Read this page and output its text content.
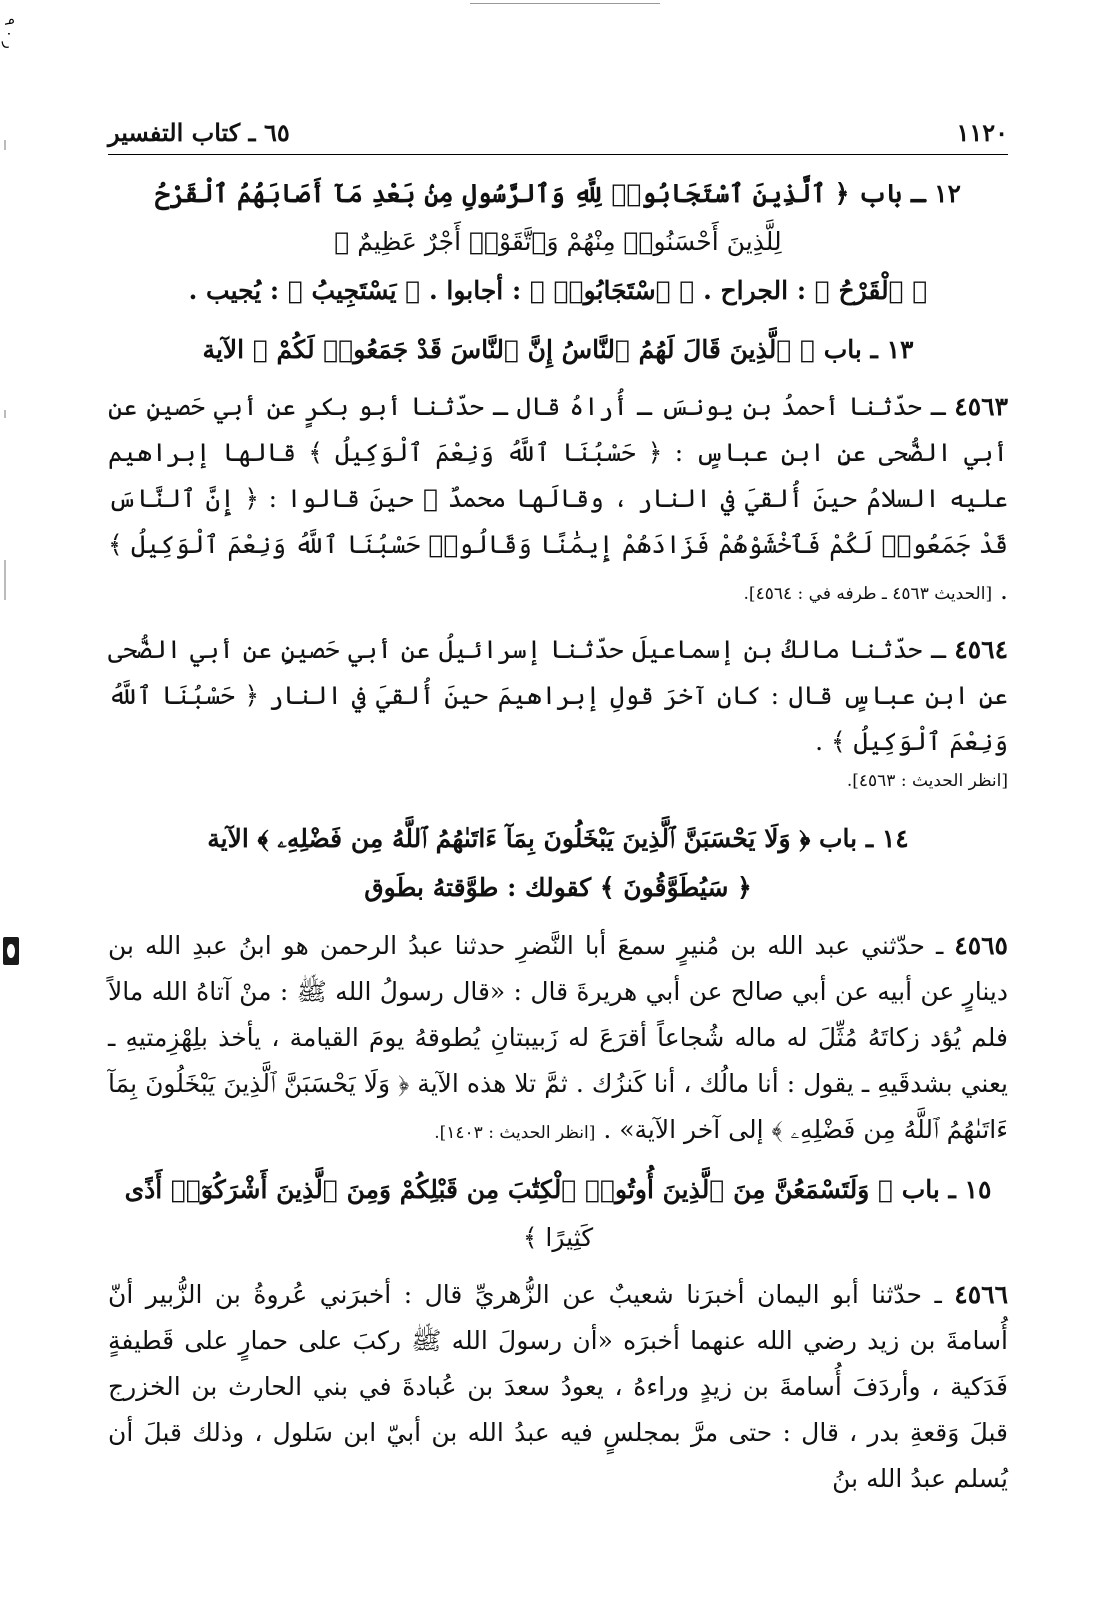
ر ٠ ٩
٦٥ ـ كتاب التفسير	١١٢٠
١٢ ـ باب ﴿ ٱلَّذِينَ ٱسْتَجَابُوا۟ لِلَّهِ وَٱلرَّسُولِ مِنۢ بَعْدِ مَآ أَصَابَهُمُ ٱلْقَرْحُ
لِلَّذِينَ أَحْسَنُوا۟ مِنْهُمْ وَٱتَّقَوْا۟ أَجْرٌ عَظِيمٌ ﴾
﴿ ٱلْقَرْحُ ﴾ : الجراح . ﴿ ٱسْتَجَابُوا۟ ﴾ : أجابوا . ﴿ يَسْتَجِيبُ ﴾ : يُجيب .
١٣ ـ باب ﴿ ٱلَّذِينَ قَالَ لَهُمُ ٱلنَّاسُ إِنَّ ٱلنَّاسَ قَدْ جَمَعُوا۟ لَكُمْ ﴾ الآية

٤٥٦٣ ـ حدّثنا أحمدُ بن يونسَ ـ أُراهُ قال ـ حدّثنا أبو بكرٍ عن أبي حَصينٍ عن أبي الضُّحى عنِ ابن عباسٍ : ﴿ حَسْبُنَا ٱللَّهُ وَنِعْمَ ٱلْوَكِيلُ ﴾ قالها إبراهيم عليه السلامُ حينَ أُلقيَ في النار ، وقالَها محمدٌ ﷺ حينَ قالوا : ﴿ إِنَّ ٱلنَّاسَ قَدْ جَمَعُوا۟ لَكُمْ فَٱخْشَوْهُمْ فَزَادَهُمْ إِيمَٰنًا وَقَالُوا۟ حَسْبُنَا ٱللَّهُ وَنِعْمَ ٱلْوَكِيلُ ﴾ . [الحديث ٤٥٦٣ ـ طرفه في : ٤٥٦٤].

٤٥٦٤ ـ حدّثنا مالكُ بن إسماعيلَ حدّثنا إسرائيلُ عن أبي حَصينٍ عن أبي الضُّحى عنِ ابن عباسٍ قال : كان آخرَ قولِ إبراهيمَ حينَ أُلقيَ في النار ﴿ حَسْبُنَا ٱللَّهُ وَنِعْمَ ٱلْوَكِيلُ ﴾ .

[انظر الحديث : ٤٥٦٣].
١٤ ـ باب ﴿ وَلَا يَحْسَبَنَّ ٱلَّذِينَ يَبْخَلُونَ بِمَآ ءَاتَىٰهُمُ ٱللَّهُ مِن فَضْلِهِۦ ﴾ الآية
﴿ سَيُطَوَّقُونَ ﴾ كقولك : طوَّقتهُ بطَوق

٤٥٦٥ ـ حدّثني عبد الله بن مُنيرٍ سمعَ أبا النَّضرِ حدثنا عبدُ الرحمن هو ابنُ عبدِ الله بن دينارٍ عن أبيه عن أبي صالح عن أبي هريرةَ قال : «قال رسولُ الله ﷺ : منْ آتاهُ الله مالاً فلم يُؤد زكاتَهُ مُثِّلَ له ماله شُجاعاً أقرَعَ له زَبيبتانِ يُطوقهُ يومَ القيامة ، يأخذ بلِهْزِمتيهِ ـ يعني بشدقَيهِ ـ يقول : أنا مالُك ، أنا كَنزُك . ثمَّ تلا هذه الآية ﴿ وَلَا يَحْسَبَنَّ ٱلَّذِينَ يَبْخَلُونَ بِمَآ ءَاتَىٰهُمُ ٱللَّهُ مِن فَضْلِهِۦ ﴾ إلى آخر الآية» . [انظر الحديث : ١٤٠٣].

١٥ ـ باب ﴿ وَلَتَسْمَعُنَّ مِنَ ٱلَّذِينَ أُوتُوا۟ ٱلْكِتَٰبَ مِن قَبْلِكُمْ وَمِنَ ٱلَّذِينَ أَشْرَكُوٓا۟ أَذًى
كَثِيرًا ﴾

٤٥٦٦ ـ حدّثنا أبو اليمان أخبرَنا شعيبٌ عن الزُّهريِّ قال : أخبرَني عُروةُ بن الزُّبير أنّ أُسامةَ بن زيد رضي الله عنهما أخبرَه «أن رسولَ الله ﷺ ركبَ على حمارٍ على قَطيفةٍ فَدَكية ، وأردَفَ أُسامةَ بن زيدٍ وراءهُ ، يعودُ سعدَ بن عُبادةَ في بني الحارث بن الخزرج قبلَ وَقعةِ بدر ، قال : حتى مرَّ بمجلسٍ فيه عبدُ الله بن أبيّ ابن سَلول ، وذلك قبلَ أن يُسلم عبدُ الله بنُ
